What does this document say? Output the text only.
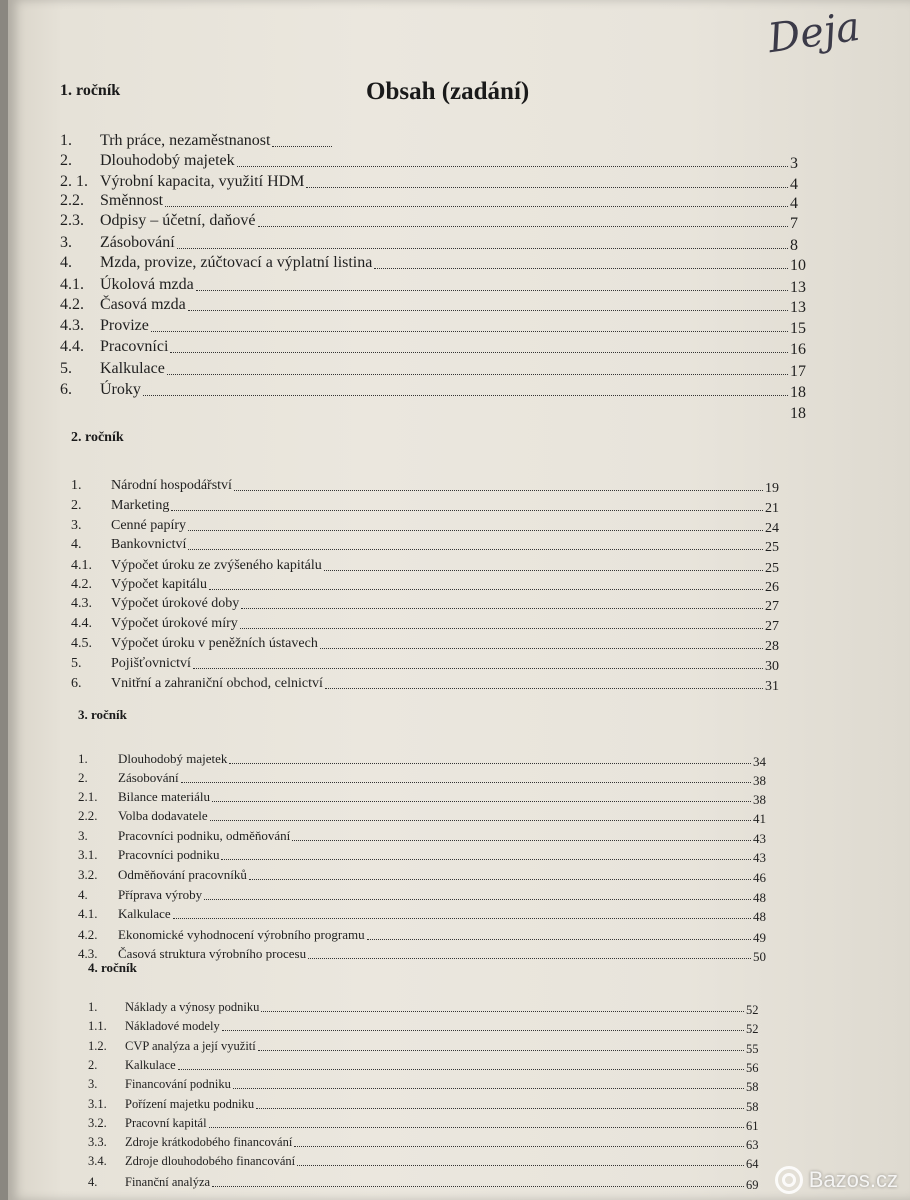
Deja
Obsah (zadání)
1. ročník
1. Trh práce, nezaměstnanost
2. Dlouhodobý majetek	3
2. 1. Výrobní kapacita, využití HDM	4
2.2. Směnnost	4
2.3. Odpisy – účetní, daňové	7
3. Zásobování	8
4. Mzda, provize, zúčtovací a výplatní listina	10
4.1. Úkolová mzda	13
4.2. Časová mzda	13
4.3. Provize	15
4.4. Pracovníci	16
5. Kalkulace	17
6. Úroky	18
18
2. ročník
1. Národní hospodářství	19
2. Marketing	21
3. Cenné papíry	24
4. Bankovnictví	25
4.1. Výpočet úroku ze zvýšeného kapitálu	25
4.2. Výpočet kapitálu	26
4.3. Výpočet úrokové doby	27
4.4. Výpočet úrokové míry	27
4.5. Výpočet úroku v peněžních ústavech	28
5. Pojišťovnictví	30
6. Vnitřní a zahraniční obchod, celnictví	31
3. ročník
1. Dlouhodobý majetek	34
2. Zásobování	38
2.1. Bilance materiálu	38
2.2. Volba dodavatele	41
3. Pracovníci podniku, odměňování	43
3.1. Pracovníci podniku	43
3.2. Odměňování pracovníků	46
4. Příprava výroby	48
4.1. Kalkulace	48
4.2. Ekonomické vyhodnocení výrobního programu	49
4.3. Časová struktura výrobního procesu	50
4. ročník
1. Náklady a výnosy podniku	52
1.1. Nákladové modely	52
1.2. CVP analýza a její využití	55
2. Kalkulace	56
3. Financování podniku	58
3.1. Pořízení majetku podniku	58
3.2. Pracovní kapitál	61
3.3. Zdroje krátkodobého financování	63
3.4. Zdroje dlouhodobého financování	64
4. Finanční analýza	69 Bazos.cz
